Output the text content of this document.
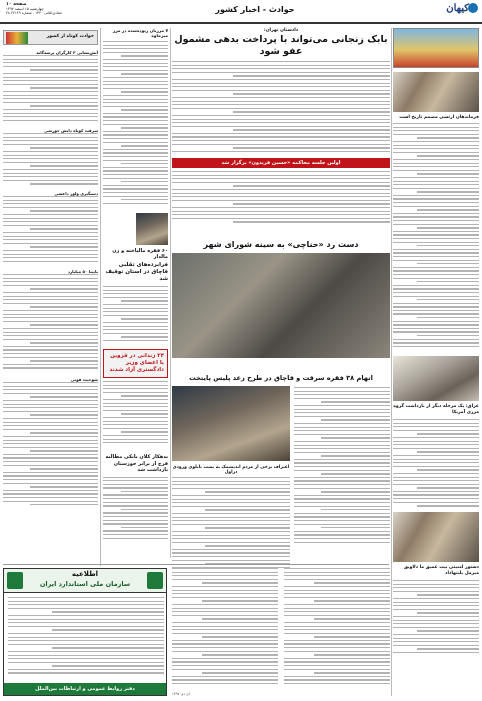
صفحه ۱۰
چهارشنبه ۱۵ اسفند ۱۳۹۷
۲۸ جمادی‌الثانی ۱۴۴۰ - شماره ۲۲۱۴۹	حوادث - اخبار کشور	کیهان
حوادث کوتاه از کشور
آتش‌نشانی ۳ کارگران پرسه‌گانه
سرقت کوتاه دانش خورشی
دستگیری ولوز داعشی
نابینا ۵۰ میلیارد
شوخیت قوتی
۷ مرزبان ربوده‌شده در مرز میرجاوه
۶۰ فقره مالباخته و زن مالدار
فرابرده‌های تقلبی قاچاق در استان توقیف شد
۲۴ زندانی در قزوین با اعضای وزیر دادگستری آزاد شدند
بدهکار کلان بانکی مطالبه فرج از برابر خوزستان بازداشت شد
دادستان تهران:
بابک زنجانی می‌تواند با پرداخت بدهی مشمول عفو شود
اولین جلسه محاکمه «حسین فریدون» برگزار شد
دست رد «حناچی» به سینه شورای شهر
اتهام ۳۸ فقره سرقت و قاچاق در طرح رعد پلیس پایتخت
اعتراف برخی از مردم اندیشمک به نصب تابلوی ورودی دزاول
فرماندهان ارتشی مصمم تاریخ است
عراق: یک مرحله دیگر از بازداشت گروه مرزی آمریکا
دستور امنیتی بیت عمیق ما دلاویق مبرمل بلیتهاداد
اطلاعیه
سازمان ملی استاندارد ایران
دفتر روابط عمومی و ارتباطات بین‌الملل
ای دی ۱۳۹۷
